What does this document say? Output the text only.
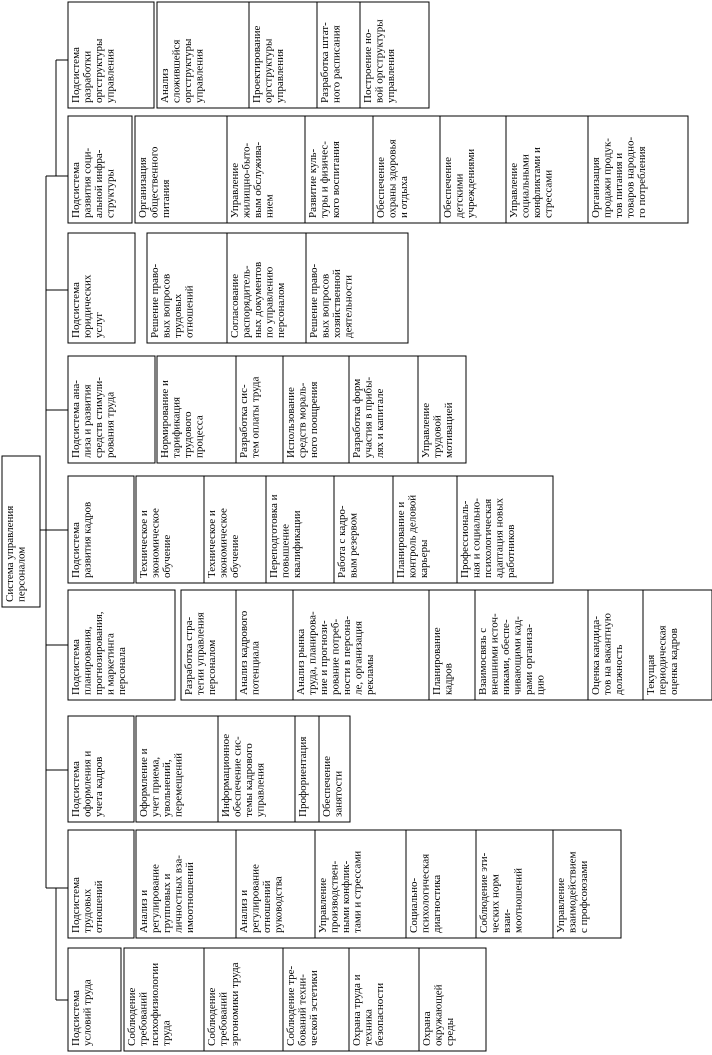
Система управления персоналом
Подсистема разработки оргструктуры управления	Анализ сложившейся оргструктуры управления	Проектирование оргструктуры управления	Разработка штат- ного расписания Построение но- вой оргструктуры управления
Подсистема развития соци- альной инфра- структуры Организация общественного питания	Управление жилищно-быто- вым обслужива- нием	Развитие куль- туры и физичес- кого воспитания	Обеспечение охраны здоровья и отдыха	Обеспечение детскими учреждениями	Управление социальными конфликтами и стрессами	Организация продажи продук- тов питания и товаров народно- го потребления
Подсистема юридических услуг	Решение право- вых вопросов трудовых отношений	Согласование распорядитель- ных документов по управлению персоналом Решение право- вых вопросов хозяйственной деятельности
Подсистема ана- лиза и развития средств стимули- рования труда	Нормирование и тарификация трудового процесса	Разработка сис- тем оплаты труда Использование средств мораль- ного поощрения	Разработка форм участия в прибы- лях и капитале	Управление трудовой мотивацией
Подсистема развития кадров	Техническое и экономическое обучение	Техническое и экономическое обучение Переподготовка и повышение квалификации	Работа с кадро- вым резервом	Планирование и контроль деловой карьеры	Профессиональ- ная и социально- психологическая адаптация новых работников
Подсистема планирования, прогнозирования, и маркетинга персонала	Разработка стра- тегии управления персоналом Анализ кадрового потенциала	Анализ рынка труда, планирова- ние и прогнози- рование потреб- ности в персона- ле, организация рекламы	Планирование кадров Взаимосвязь с внешними источ- никами, обеспе- чивающими кад- рами организа- цию	Оценка кандида- тов на вакантную должность Текущая периодическая оценка кадров
Подсистема оформления и учета кадров	Оформление и учет приема, увольнений, перемещений	Информационное обеспечение сис- темы кадрового управления	Профориентация Обеспечение занятости
Подсистема трудовых отношений	Анализ и регулирование групповых и личностных вза- имоотношений	Анализ и регулирование отношений руководства	Управление производствен- ными конфлик- тами и стрессами	Социально- психологическая диагностика	Соблюдение эти- ческих норм взаи- моотношений	Управление взаимодействием с профсоюзами
Подсистема условий труда	Соблюдение требований психофизиологии труда	Соблюдение требований эргономики труда	Соблюдение тре- бований техни- ческой эстетики	Охрана труда и техника безопасности	Охрана окружающей среды
